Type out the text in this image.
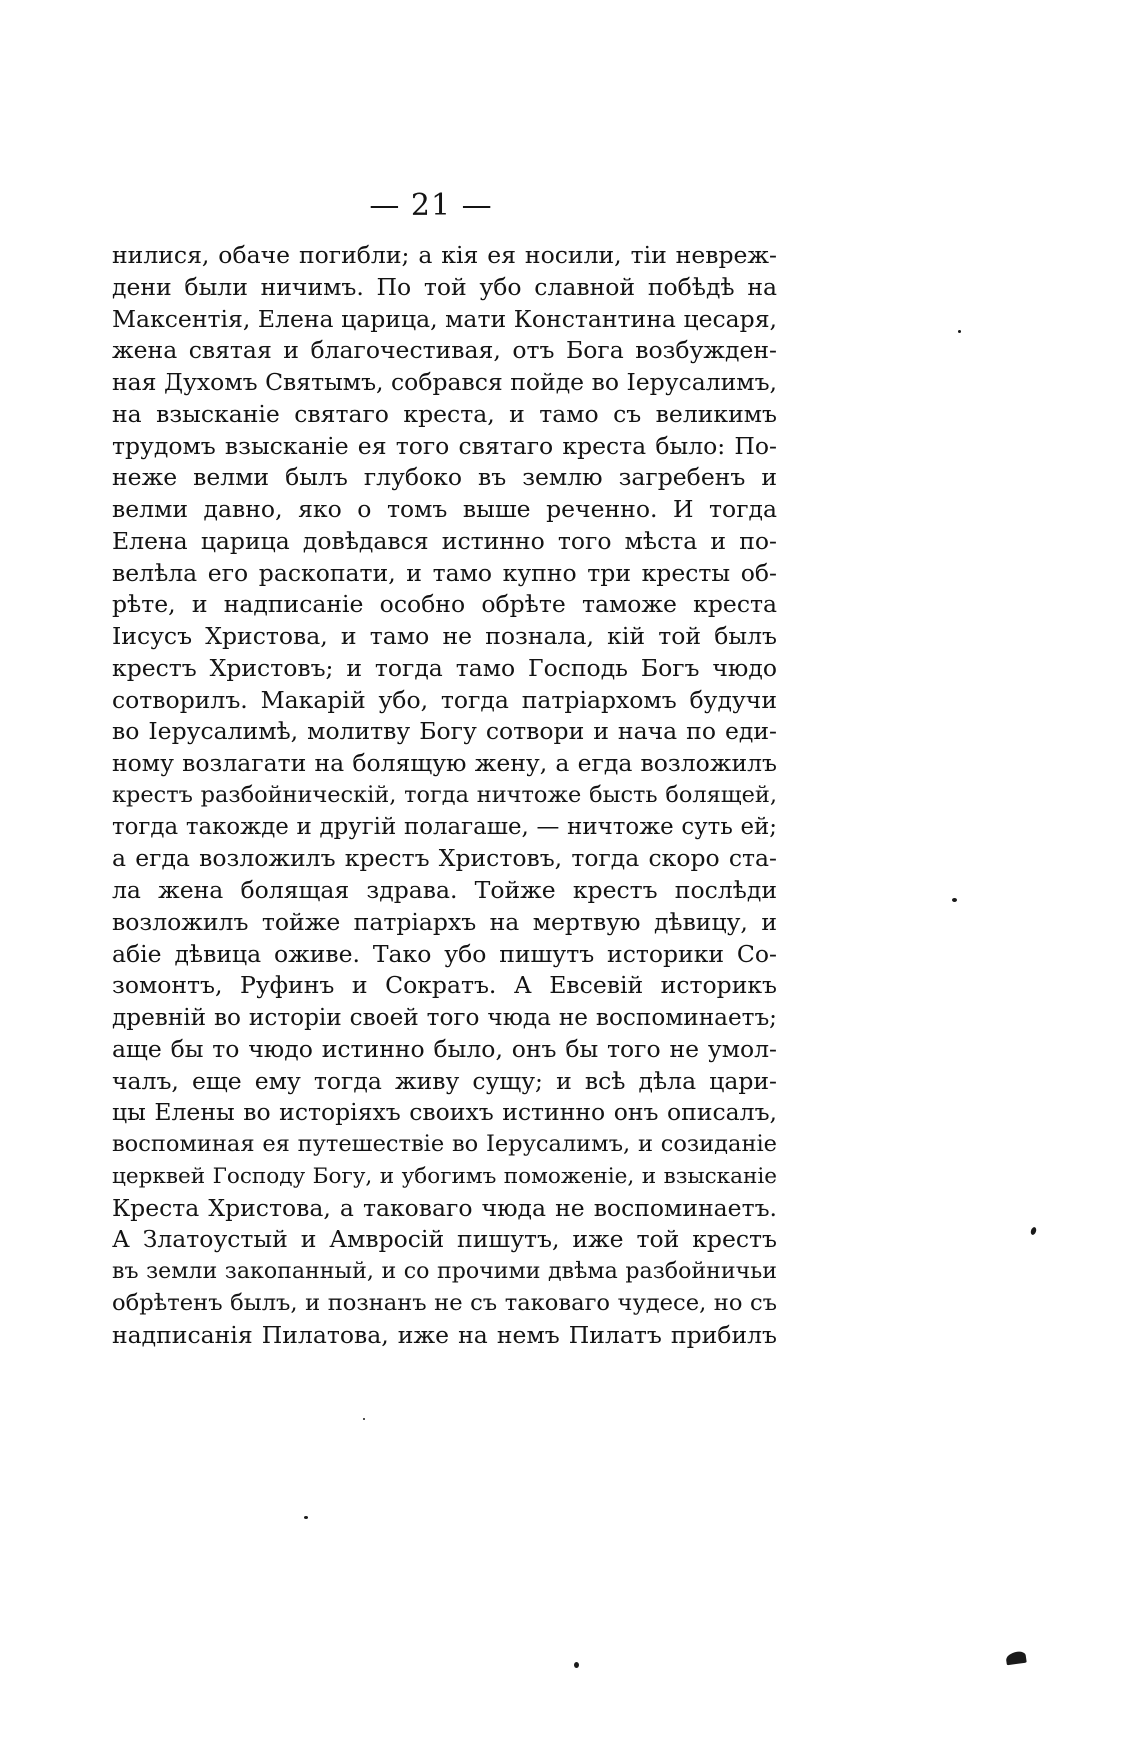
— 21 —
нилися, обаче погибли; а кія ея носили, тіи невреж-
дени были ничимъ. По той убо славной побѣдѣ на
Максентія, Елена царица, мати Константина цесаря,
жена святая и благочестивая, отъ Бога возбужден-
ная Духомъ Святымъ, собрався пойде во Іерусалимъ,
на взысканіе святаго креста, и тамо съ великимъ
трудомъ взысканіе ея того святаго креста было: По-
неже велми былъ глубоко въ землю загребенъ и
велми давно, яко о томъ выше реченно. И тогда
Елена царица довѣдався истинно того мѣста и по-
велѣла его раскопати, и тамо купно три кресты об-
рѣте, и надписаніе особно обрѣте таможе креста
Іисусъ Христова, и тамо не познала, кій той былъ
крестъ Христовъ; и тогда тамо Господь Богъ чюдо
сотворилъ. Макарій убо, тогда патріархомъ будучи
во Іерусалимѣ, молитву Богу сотвори и нача по еди-
ному возлагати на болящую жену, а егда возложилъ
крестъ разбойническій, тогда ничтоже бысть болящей,
тогда такожде и другій полагаше, — ничтоже суть ей;
а егда возложилъ крестъ Христовъ, тогда скоро ста-
ла жена болящая здрава. Тойже крестъ послѣди
возложилъ тойже патріархъ на мертвую дѣвицу, и
абіе дѣвица оживе. Тако убо пишутъ историки Со-
зомонтъ, Руфинъ и Сократъ. А Евсевій историкъ
древній во исторіи своей того чюда не воспоминаетъ;
аще бы то чюдо истинно было, онъ бы того не умол-
чалъ, еще ему тогда живу сущу; и всѣ дѣла цари-
цы Елены во исторіяхъ своихъ истинно онъ описалъ,
воспоминая ея путешествіе во Іерусалимъ, и созиданіе
церквей Господу Богу, и убогимъ поможеніе, и взысканіе
Креста Христова, а таковаго чюда не воспоминаетъ.
А Златоустый и Амвросій пишутъ, иже той крестъ
въ земли закопанный, и со прочими двѣма разбойничьи
обрѣтенъ былъ, и познанъ не съ таковаго чудесе, но съ
надписанія Пилатова, иже на немъ Пилатъ прибилъ
